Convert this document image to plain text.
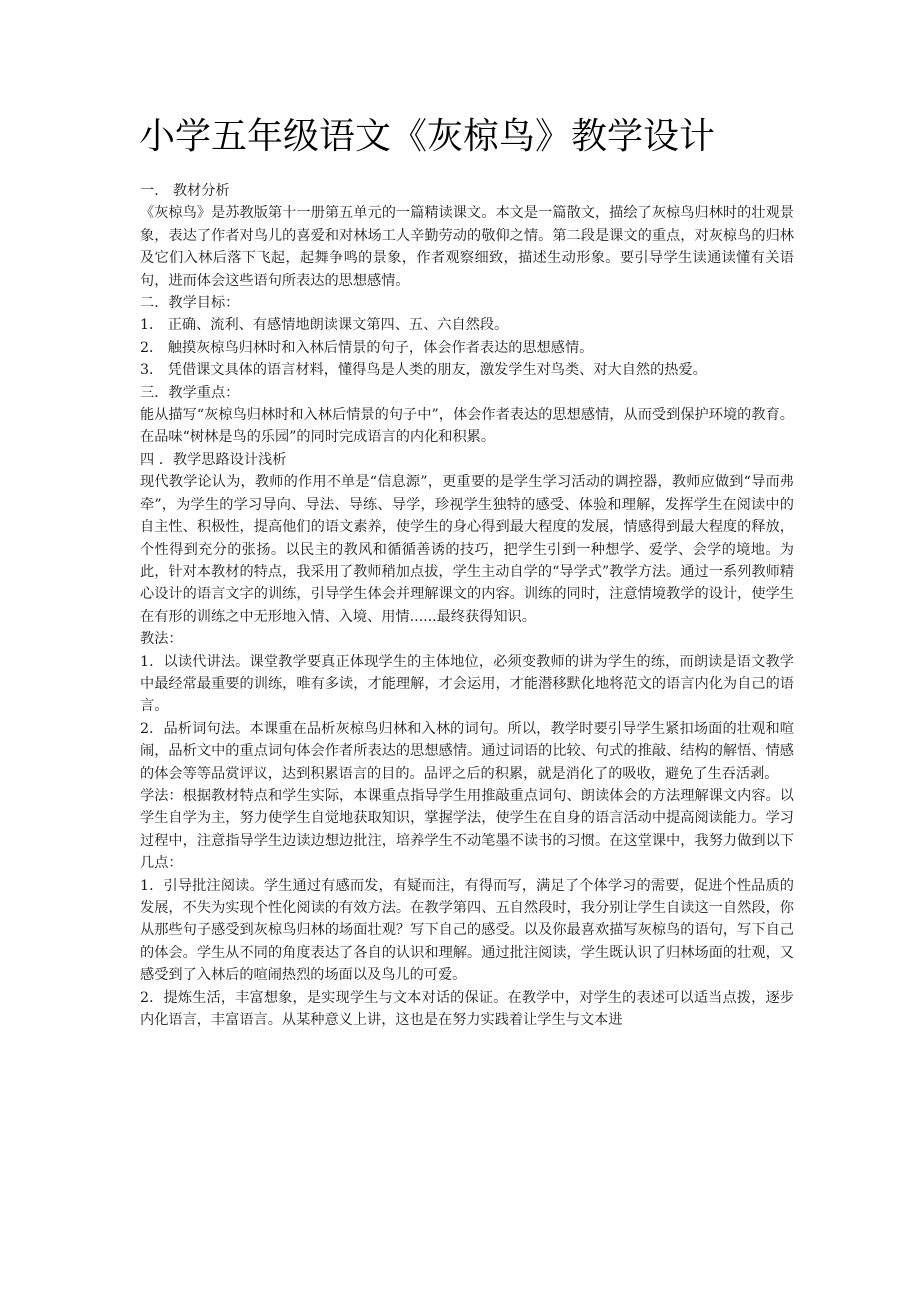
小学五年级语文《灰椋鸟》教学设计

一． 教材分析

《灰椋鸟》是苏教版第十一册第五单元的一篇精读课文。本文是一篇散文，描绘了灰椋鸟归林时的壮观景象，表达了作者对鸟儿的喜爱和对林场工人辛勤劳动的敬仰之情。第二段是课文的重点，对灰椋鸟的归林及它们入林后落下飞起，起舞争鸣的景象，作者观察细致，描述生动形象。要引导学生读通读懂有关语句，进而体会这些语句所表达的思想感情。

二．教学目标：

1． 正确、流利、有感情地朗读课文第四、五、六自然段。

2． 触摸灰椋鸟归林时和入林后情景的句子，体会作者表达的思想感情。

3． 凭借课文具体的语言材料，懂得鸟是人类的朋友，激发学生对鸟类、对大自然的热爱。

三．教学重点：

能从描写“灰椋鸟归林时和入林后情景的句子中”，体会作者表达的思想感情，从而受到保护环境的教育。在品味“树林是鸟的乐园”的同时完成语言的内化和积累。

四 ．教学思路设计浅析

现代教学论认为，教师的作用不单是“信息源”，更重要的是学生学习活动的调控器，教师应做到“导而弗牵”，为学生的学习导向、导法、导练、导学，珍视学生独特的感受、体验和理解，发挥学生在阅读中的自主性、积极性，提高他们的语文素养，使学生的身心得到最大程度的发展，情感得到最大程度的释放，个性得到充分的张扬。以民主的教风和循循善诱的技巧，把学生引到一种想学、爱学、会学的境地。为此，针对本教材的特点，我采用了教师稍加点拔，学生主动自学的“导学式”教学方法。通过一系列教师精心设计的语言文字的训练，引导学生体会并理解课文的内容。训练的同时，注意情境教学的设计，使学生在有形的训练之中无形地入情、入境、用情......最终获得知识。

教法：

1．以读代讲法。课堂教学要真正体现学生的主体地位，必须变教师的讲为学生的练，而朗读是语文教学中最经常最重要的训练，唯有多读，才能理解，才会运用，才能潜移默化地将范文的语言内化为自己的语言。

2．品析词句法。本课重在品析灰椋鸟归林和入林的词句。所以，教学时要引导学生紧扣场面的壮观和喧闹，品析文中的重点词句体会作者所表达的思想感情。通过词语的比较、句式的推敲、结构的解悟、情感的体会等等品赏评议，达到积累语言的目的。品评之后的积累，就是消化了的吸收，避免了生吞活剥。

学法：根据教材特点和学生实际，本课重点指导学生用推敲重点词句、朗读体会的方法理解课文内容。以学生自学为主，努力使学生自觉地获取知识，掌握学法，使学生在自身的语言活动中提高阅读能力。学习过程中，注意指导学生边读边想边批注，培养学生不动笔墨不读书的习惯。在这堂课中，我努力做到以下几点：

1．引导批注阅读。学生通过有感而发，有疑而注，有得而写，满足了个体学习的需要，促进个性品质的发展，不失为实现个性化阅读的有效方法。在教学第四、五自然段时，我分别让学生自读这一自然段，你从那些句子感受到灰椋鸟归林的场面壮观？写下自己的感受。以及你最喜欢描写灰椋鸟的语句，写下自己的体会。学生从不同的角度表达了各自的认识和理解。通过批注阅读，学生既认识了归林场面的壮观，又感受到了入林后的喧闹热烈的场面以及鸟儿的可爱。

2．提炼生活，丰富想象，是实现学生与文本对话的保证。在教学中，对学生的表述可以适当点拨，逐步内化语言，丰富语言。从某种意义上讲，这也是在努力实践着让学生与文本进
